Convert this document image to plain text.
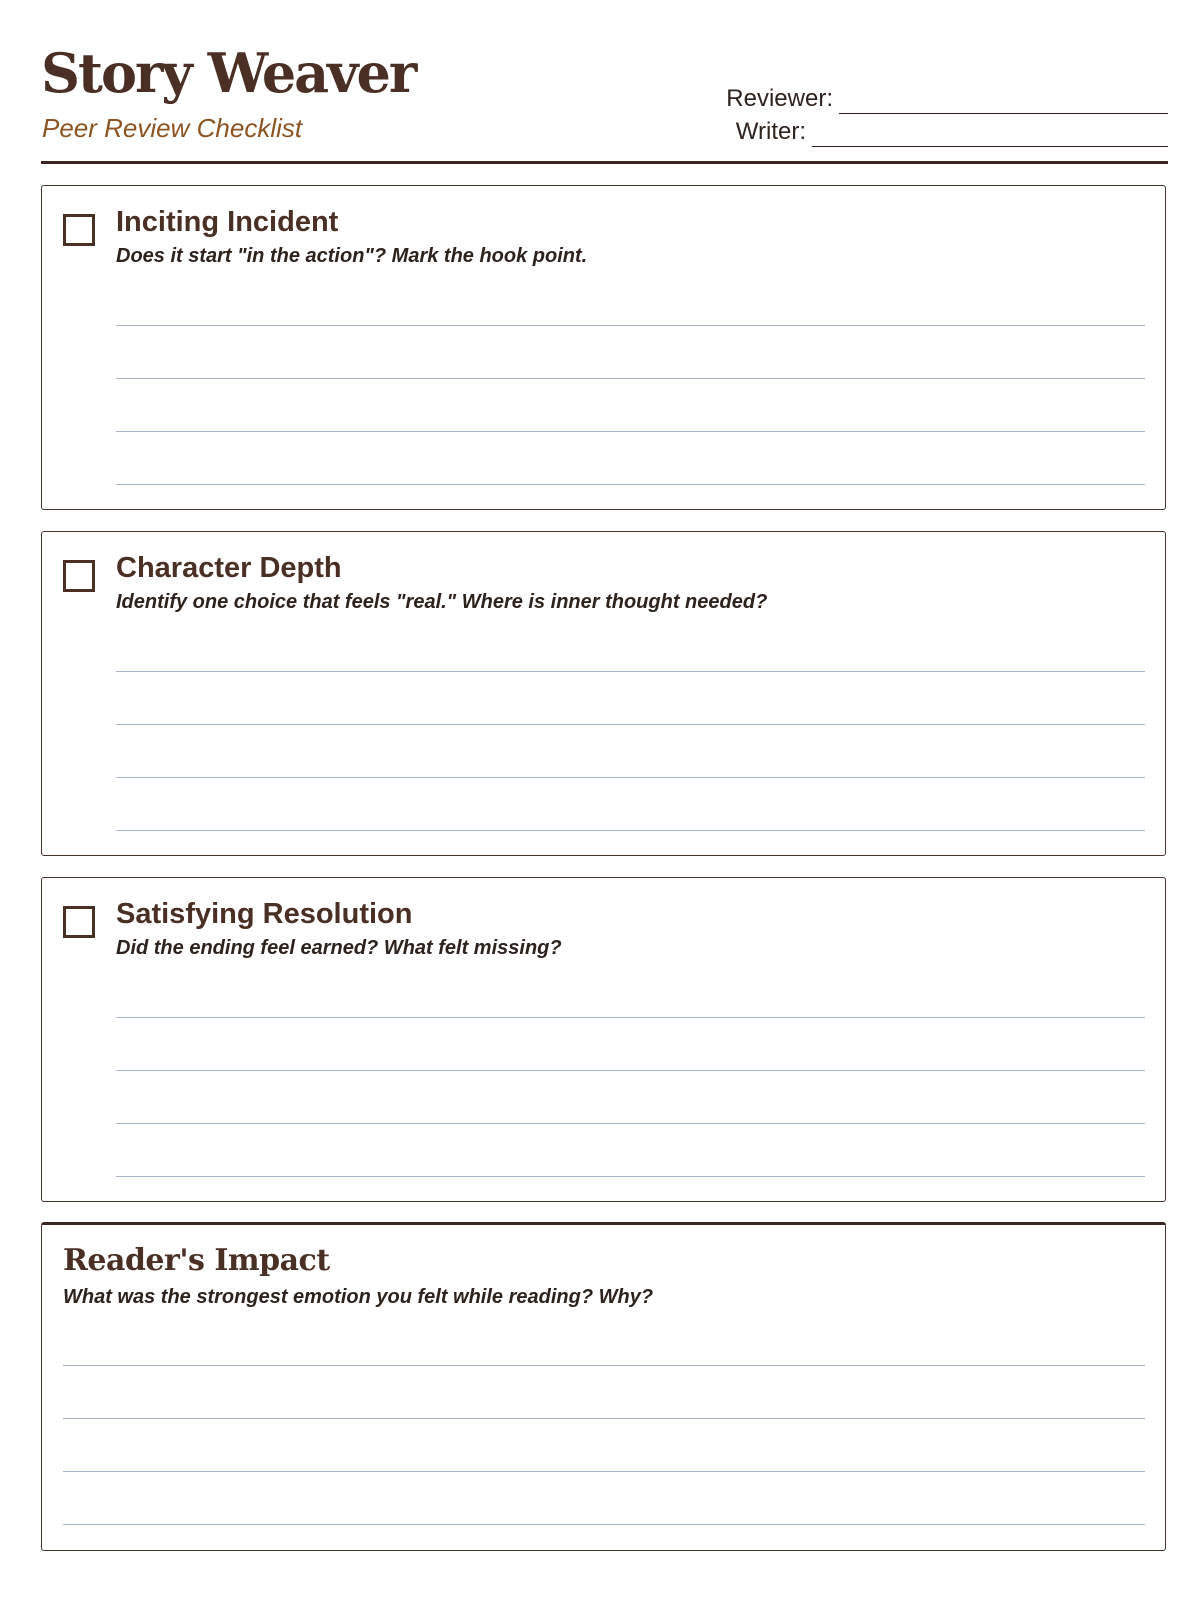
Story Weaver
Peer Review Checklist
Reviewer:
Writer:
Inciting Incident

Does it start "in the action"? Mark the hook point.

Character Depth

Identify one choice that feels "real." Where is inner thought needed?

Satisfying Resolution

Did the ending feel earned? What felt missing?

Reader's Impact

What was the strongest emotion you felt while reading? Why?
